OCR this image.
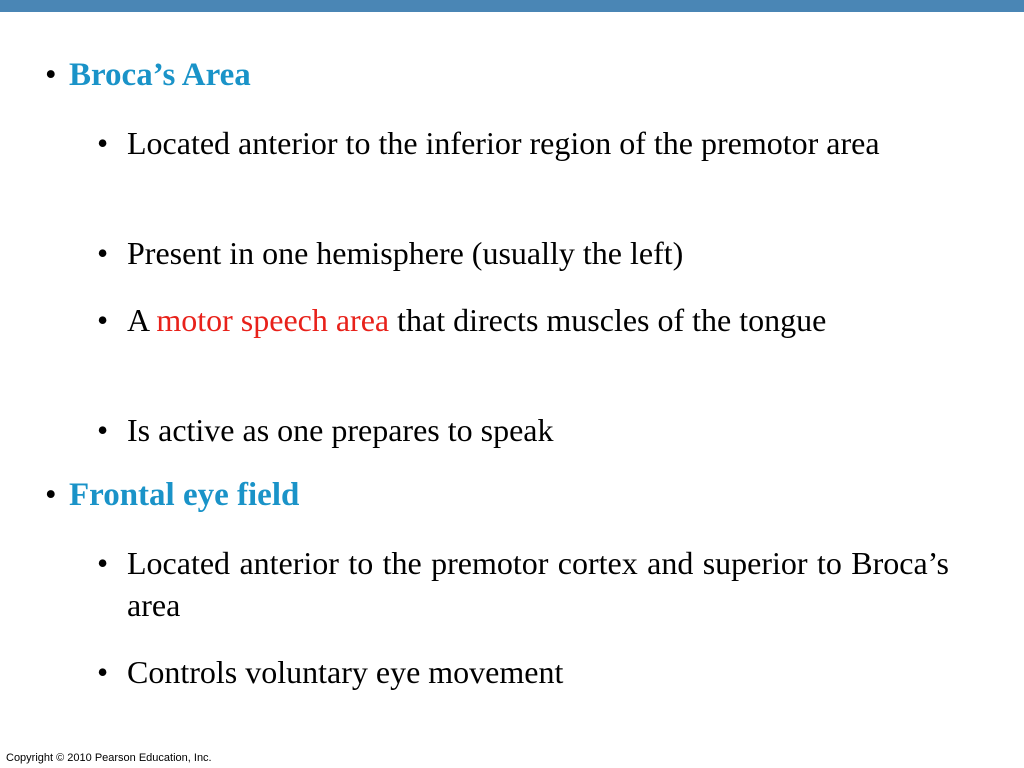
• Broca’s Area
• Located anterior to the inferior region of the premotor area
• Present in one hemisphere (usually the left)
• A motor speech area that directs muscles of the tongue
• Is active as one prepares to speak
• Frontal eye field
• Located anterior to the premotor cortex and superior to Broca’s area
• Controls voluntary eye movement
Copyright © 2010 Pearson Education, Inc.
